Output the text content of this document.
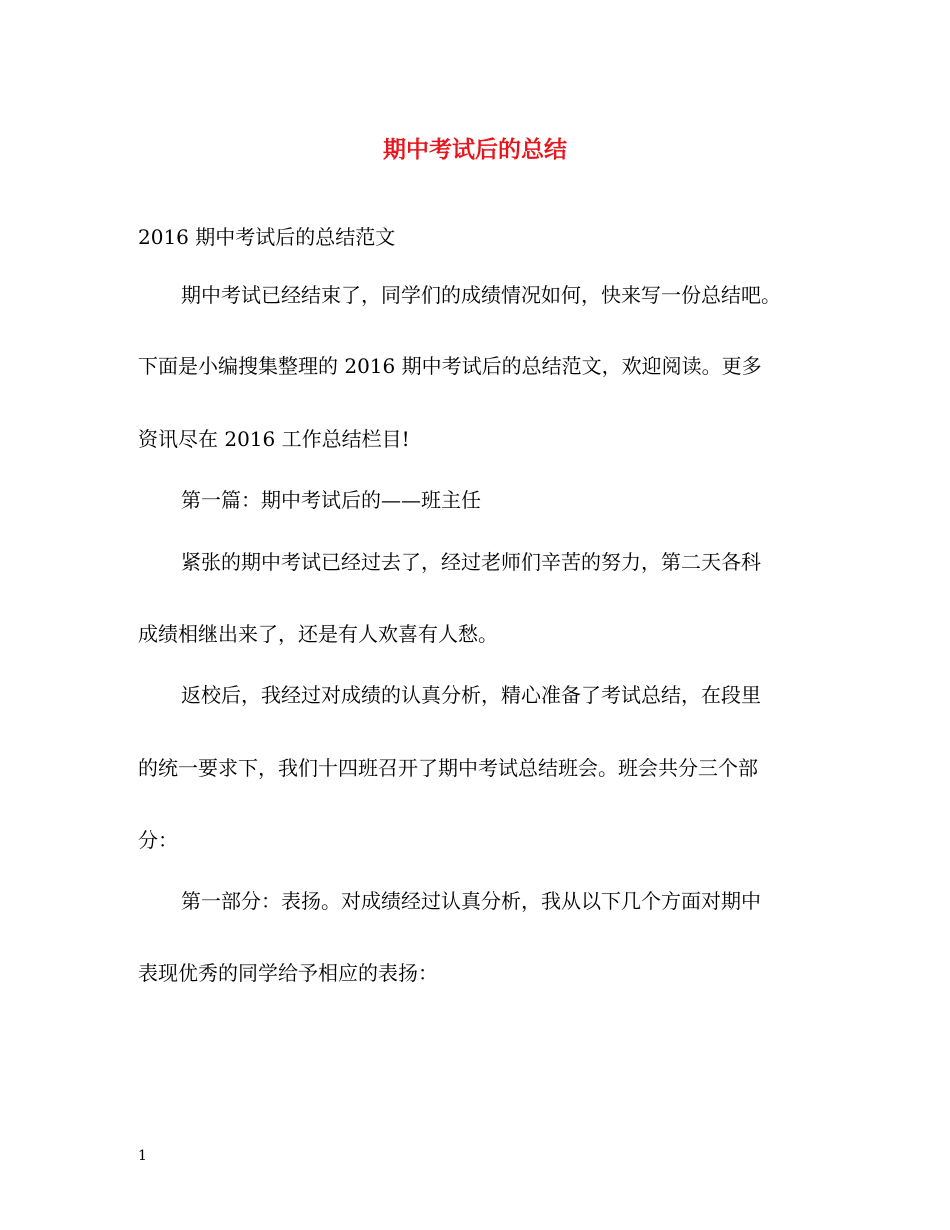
期中考试后的总结

2016 期中考试后的总结范文

期中考试已经结束了，同学们的成绩情况如何，快来写一份总结吧。

下面是小编搜集整理的 2016 期中考试后的总结范文，欢迎阅读。更多

资讯尽在 2016 工作总结栏目!

第一篇：期中考试后的——班主任

紧张的期中考试已经过去了，经过老师们辛苦的努力，第二天各科

成绩相继出来了，还是有人欢喜有人愁。

返校后，我经过对成绩的认真分析，精心准备了考试总结，在段里

的统一要求下，我们十四班召开了期中考试总结班会。班会共分三个部

分：

第一部分：表扬。对成绩经过认真分析，我从以下几个方面对期中

表现优秀的同学给予相应的表扬：

1
